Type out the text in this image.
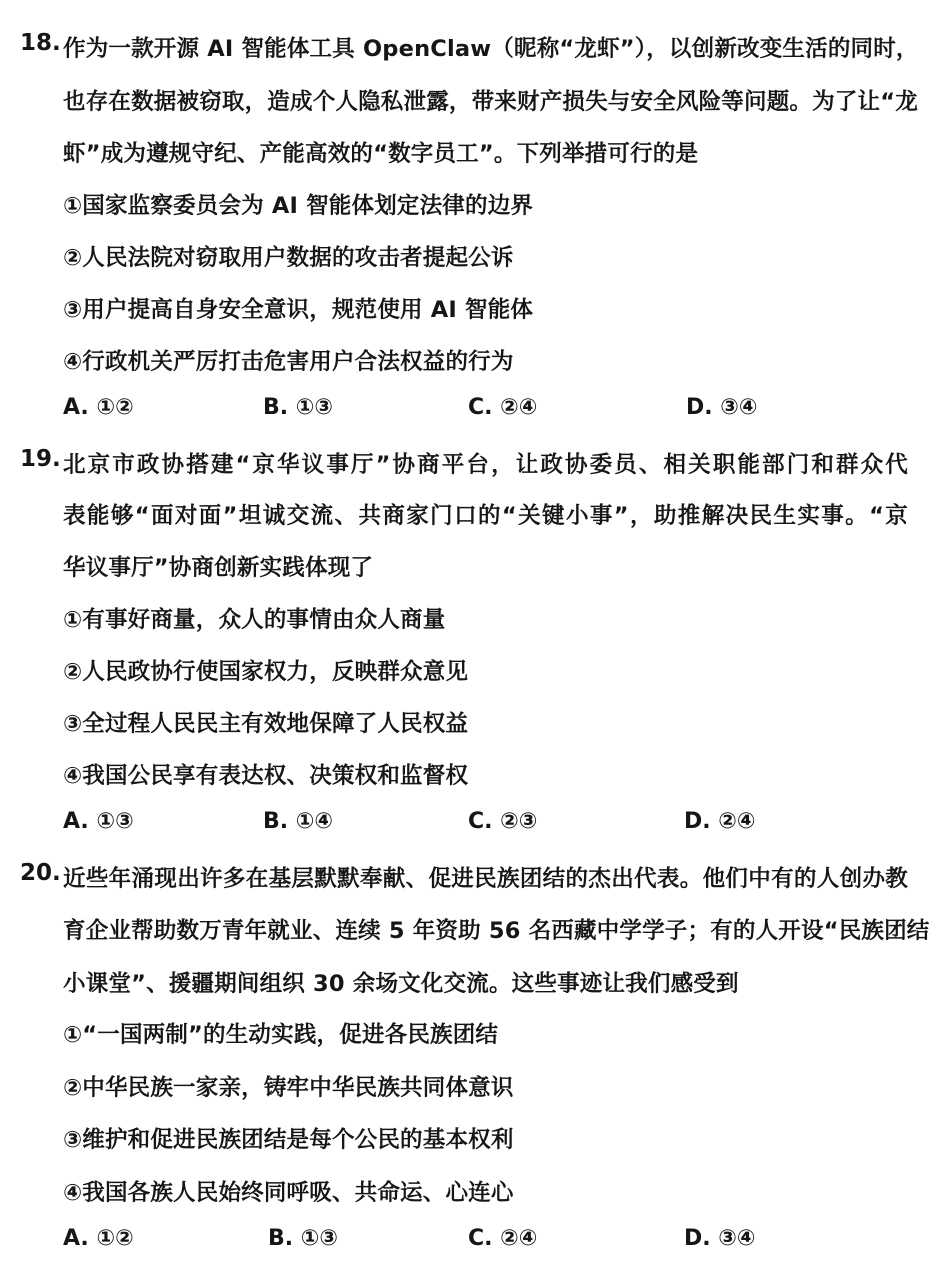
18. 作为一款开源 AI 智能体工具 OpenClaw（昵称“龙虾”），以创新改变生活的同时，
也存在数据被窃取，造成个人隐私泄露，带来财产损失与安全风险等问题。为了让“龙
虾”成为遵规守纪、产能高效的“数字员工”。下列举措可行的是
①国家监察委员会为 AI 智能体划定法律的边界
②人民法院对窃取用户数据的攻击者提起公诉
③用户提高自身安全意识，规范使用 AI 智能体
④行政机关严厉打击危害用户合法权益的行为
A. ①②	B. ①③	C. ②④	D. ③④
19. 北京市政协搭建“京华议事厅”协商平台，让政协委员、相关职能部门和群众代
表能够“面对面”坦诚交流、共商家门口的“关键小事”，助推解决民生实事。“京
华议事厅”协商创新实践体现了
①有事好商量，众人的事情由众人商量
②人民政协行使国家权力，反映群众意见
③全过程人民民主有效地保障了人民权益
④我国公民享有表达权、决策权和监督权
A. ①③	B. ①④	C. ②③	D. ②④
20. 近些年涌现出许多在基层默默奉献、促进民族团结的杰出代表。他们中有的人创办教
育企业帮助数万青年就业、连续 5 年资助 56 名西藏中学学子；有的人开设“民族团结
小课堂”、援疆期间组织 30 余场文化交流。这些事迹让我们感受到
①“一国两制”的生动实践，促进各民族团结
②中华民族一家亲，铸牢中华民族共同体意识
③维护和促进民族团结是每个公民的基本权利
④我国各族人民始终同呼吸、共命运、心连心
A. ①②	B. ①③	C. ②④	D. ③④
